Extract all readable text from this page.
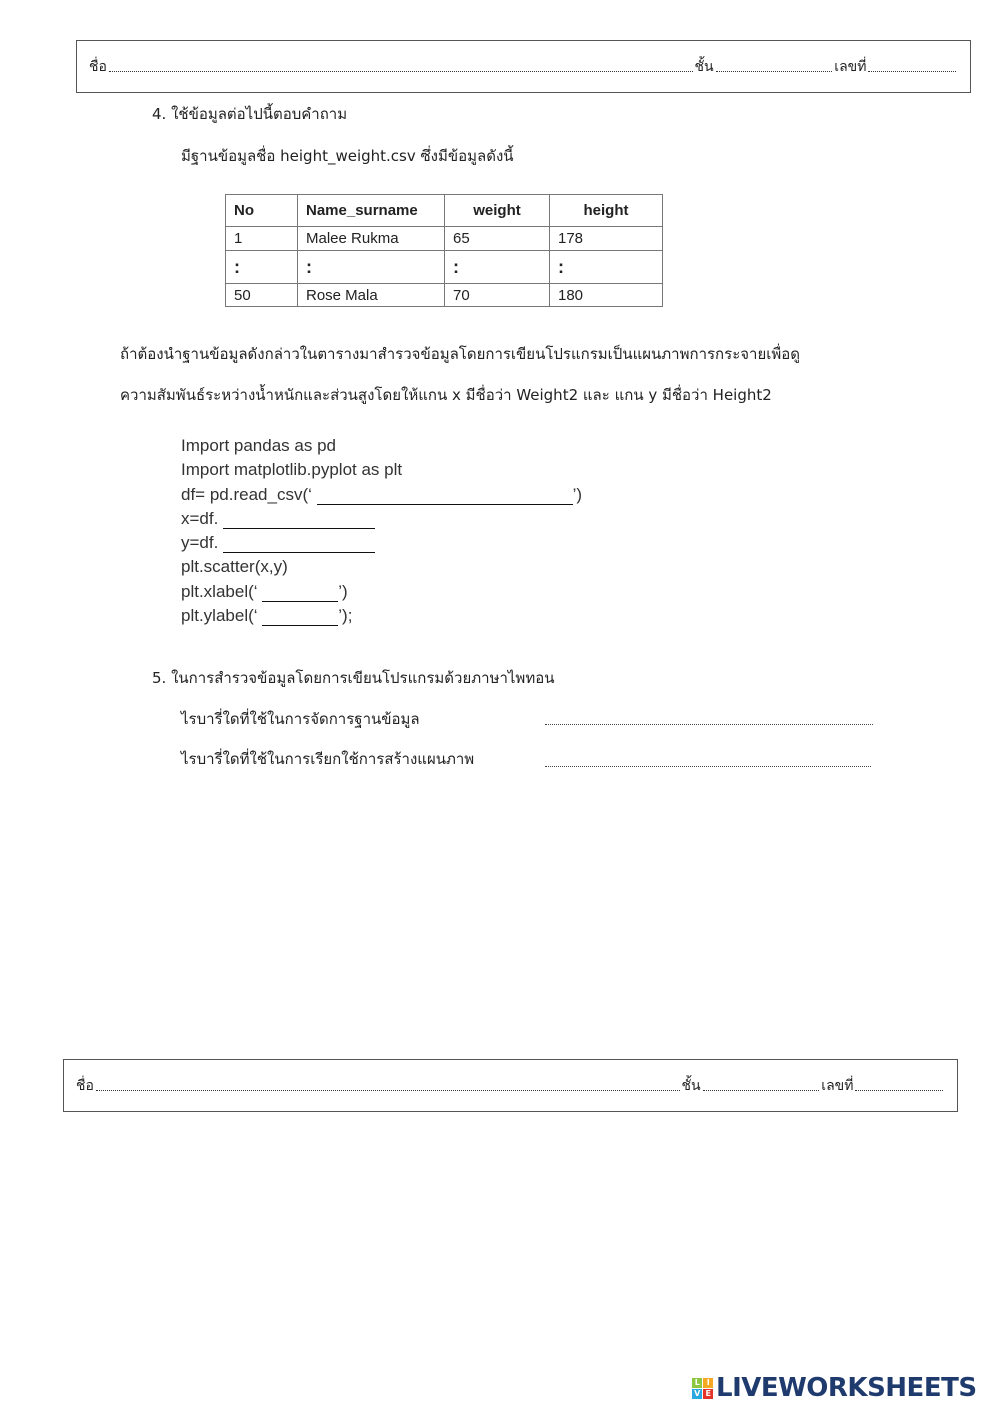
ชื่อ	ชั้น	เลขที่
4. ใช้ข้อมูลต่อไปนี้ตอบคำถาม
มีฐานข้อมูลชื่อ height_weight.csv ซึ่งมีข้อมูลดังนี้
No	Name_surname	weight	height
1	Malee Rukma	65	178
:	:	:	:
50	Rose Mala	70	180
ถ้าต้องนำฐานข้อมูลดังกล่าวในตารางมาสำรวจข้อมูลโดยการเขียนโปรแกรมเป็นแผนภาพการกระจายเพื่อดู
ความสัมพันธ์ระหว่างน้ำหนักและส่วนสูงโดยให้แกน x มีชื่อว่า Weight2 และ แกน y มีชื่อว่า Height2
Import pandas as pd
Import matplotlib.pyplot as plt
df= pd.read_csv(‘	’)
x=df.
y=df.
plt.scatter(x,y)
plt.xlabel(‘	’)
plt.ylabel(‘	’);
5. ในการสำรวจข้อมูลโดยการเขียนโปรแกรมด้วยภาษาไพทอน
ไรบารี่ใดที่ใช้ในการจัดการฐานข้อมูล
ไรบารี่ใดที่ใช้ในการเรียกใช้การสร้างแผนภาพ
ชื่อ	ชั้น	เลขที่
L I
V E LIVEWORKSHEETS
